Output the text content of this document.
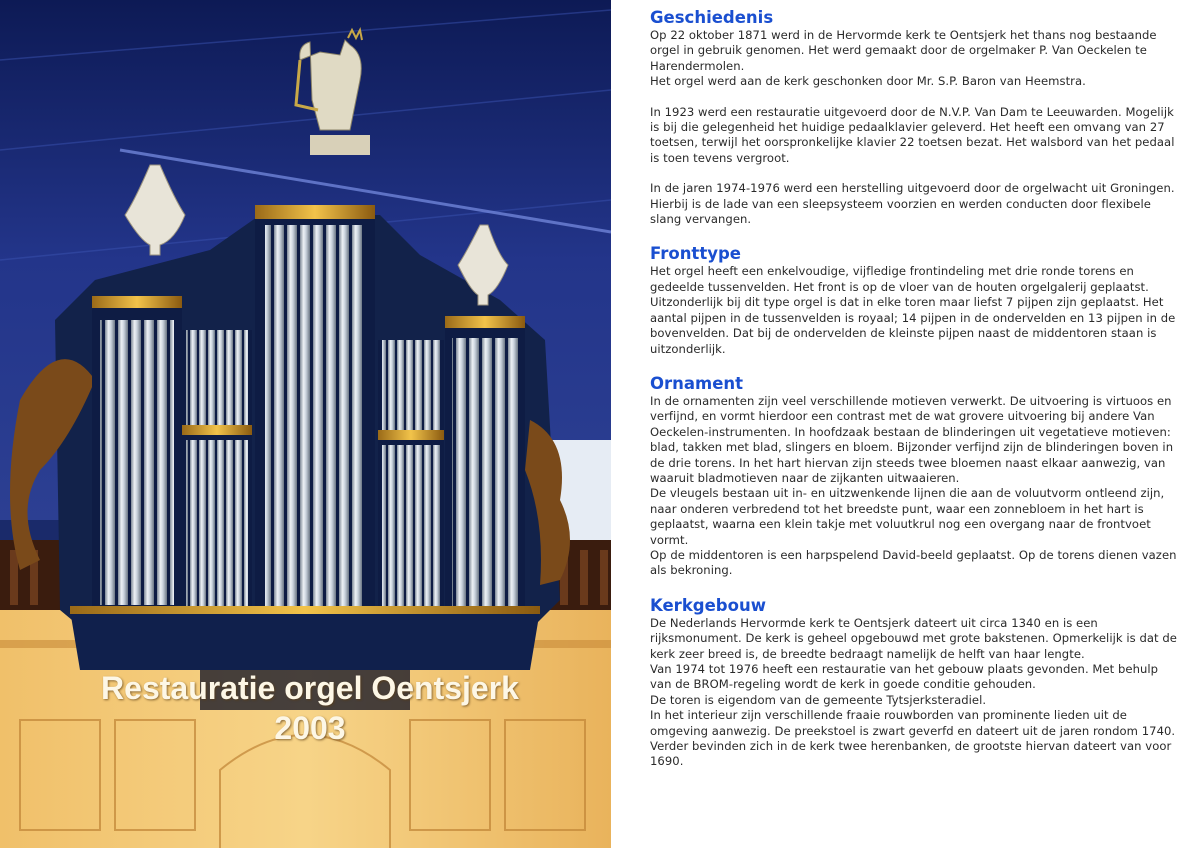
Restauratie orgel Oentsjerk
2003
Geschiedenis

Op 22 oktober 1871 werd in de Hervormde kerk te Oentsjerk het thans nog bestaande orgel in gebruik genomen. Het werd gemaakt door de orgelmaker P. Van Oeckelen te Harendermolen.

Het orgel werd aan de kerk geschonken door Mr. S.P. Baron van Heemstra.

In 1923 werd een restauratie uitgevoerd door de N.V.P. Van Dam te Leeuwarden. Mogelijk is bij die gelegenheid het huidige pedaalklavier geleverd. Het heeft een omvang van 27 toetsen, terwijl het oorspronkelijke klavier 22 toetsen bezat. Het walsbord van het pedaal is toen tevens vergroot.

In de jaren 1974-1976 werd een herstelling uitgevoerd door de orgelwacht uit Groningen. Hierbij is de lade van een sleepsysteem voorzien en werden conducten door flexibele slang vervangen.

Fronttype

Het orgel heeft een enkelvoudige, vijfledige frontindeling met drie ronde torens en gedeelde tussenvelden. Het front is op de vloer van de houten orgelgalerij geplaatst. Uitzonderlijk bij dit type orgel is dat in elke toren maar liefst 7 pijpen zijn geplaatst. Het aantal pijpen in de tussenvelden is royaal; 14 pijpen in de ondervelden en 13 pijpen in de bovenvelden. Dat bij de ondervelden de kleinste pijpen naast de middentoren staan is uitzonderlijk.

Ornament

In de ornamenten zijn veel verschillende motieven verwerkt. De uitvoering is virtuoos en verfijnd, en vormt hierdoor een contrast met de wat grovere uitvoering bij andere Van Oeckelen-instrumenten. In hoofdzaak bestaan de blinderingen uit vegetatieve motieven: blad, takken met blad, slingers en bloem. Bijzonder verfijnd zijn de blinderingen boven in de drie torens. In het hart hiervan zijn steeds twee bloemen naast elkaar aanwezig, van waaruit bladmotieven naar de zijkanten uitwaaieren.

De vleugels bestaan uit in- en uitzwenkende lijnen die aan de voluutvorm ontleend zijn, naar onderen verbredend tot het breedste punt, waar een zonnebloem in het hart is geplaatst, waarna een klein takje met voluutkrul nog een overgang naar de frontvoet vormt.

Op de middentoren is een harpspelend David-beeld geplaatst. Op de torens dienen vazen als bekroning.

Kerkgebouw

De Nederlands Hervormde kerk te Oentsjerk dateert uit circa 1340 en is een rijksmonument. De kerk is geheel opgebouwd met grote bakstenen. Opmerkelijk is dat de kerk zeer breed is, de breedte bedraagt namelijk de helft van haar lengte.

Van 1974 tot 1976 heeft een restauratie van het gebouw plaats gevonden. Met behulp van de BROM-regeling wordt de kerk in goede conditie gehouden.

De toren is eigendom van de gemeente Tytsjerksteradiel.

In het interieur zijn verschillende fraaie rouwborden van prominente lieden uit de omgeving aanwezig. De preekstoel is zwart geverfd en dateert uit de jaren rondom 1740. Verder bevinden zich in de kerk twee herenbanken, de grootste hiervan dateert van voor 1690.
